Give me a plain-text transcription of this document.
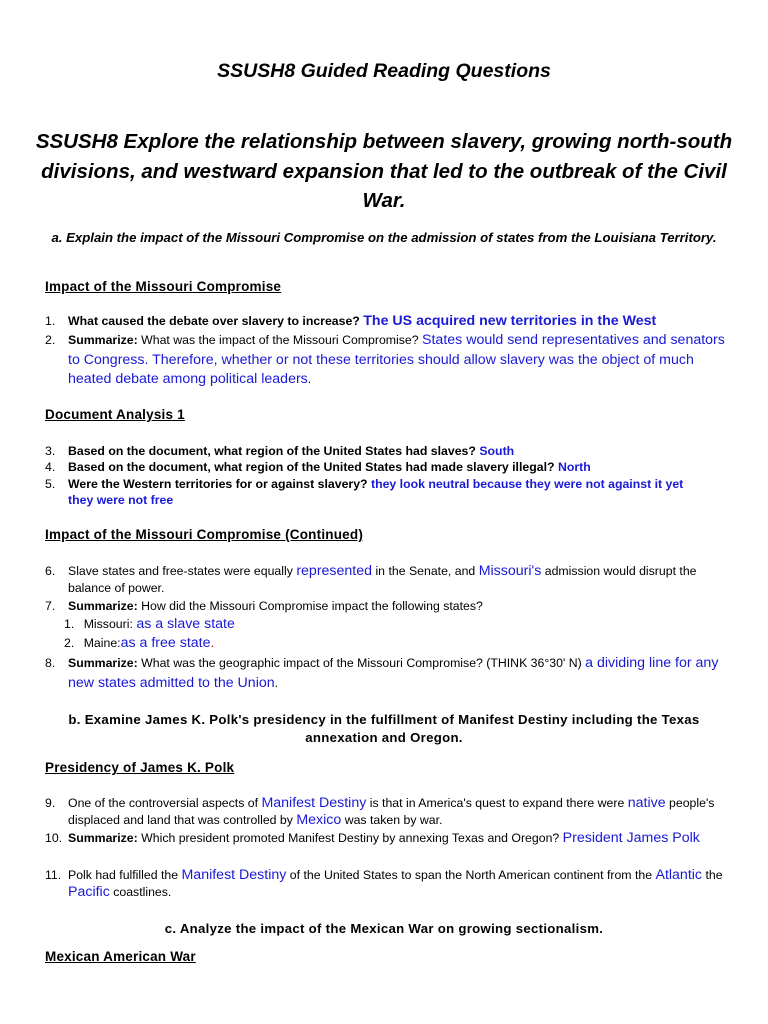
SSUSH8 Guided Reading Questions
SSUSH8 Explore the relationship between slavery, growing north-south divisions, and westward expansion that led to the outbreak of the Civil War.
a. Explain the impact of the Missouri Compromise on the admission of states from the Louisiana Territory.
Impact of the Missouri Compromise
1. What caused the debate over slavery to increase? The US acquired new territories in the West
2. Summarize: What was the impact of the Missouri Compromise? States would send representatives and senators to Congress. Therefore, whether or not these territories should allow slavery was the object of much heated debate among political leaders.
Document Analysis 1
3. Based on the document, what region of the United States had slaves? South
4. Based on the document, what region of the United States had made slavery illegal? North
5. Were the Western territories for or against slavery? they look neutral because they were not against it yet they were not free
Impact of the Missouri Compromise (Continued)
6. Slave states and free-states were equally represented in the Senate, and Missouri's admission would disrupt the balance of power.
7. Summarize: How did the Missouri Compromise impact the following states?
1. Missouri: as a slave state
2. Maine:as a free state.
8. Summarize: What was the geographic impact of the Missouri Compromise? (THINK 36°30' N) a dividing line for any new states admitted to the Union.
b. Examine James K. Polk's presidency in the fulfillment of Manifest Destiny including the Texas annexation and Oregon.
Presidency of James K. Polk
9. One of the controversial aspects of Manifest Destiny is that in America's quest to expand there were native people's displaced and land that was controlled by Mexico was taken by war.
10. Summarize: Which president promoted Manifest Destiny by annexing Texas and Oregon? President James Polk
11. Polk had fulfilled the Manifest Destiny of the United States to span the North American continent from the Atlantic the Pacific coastlines.
c. Analyze the impact of the Mexican War on growing sectionalism.
Mexican American War
